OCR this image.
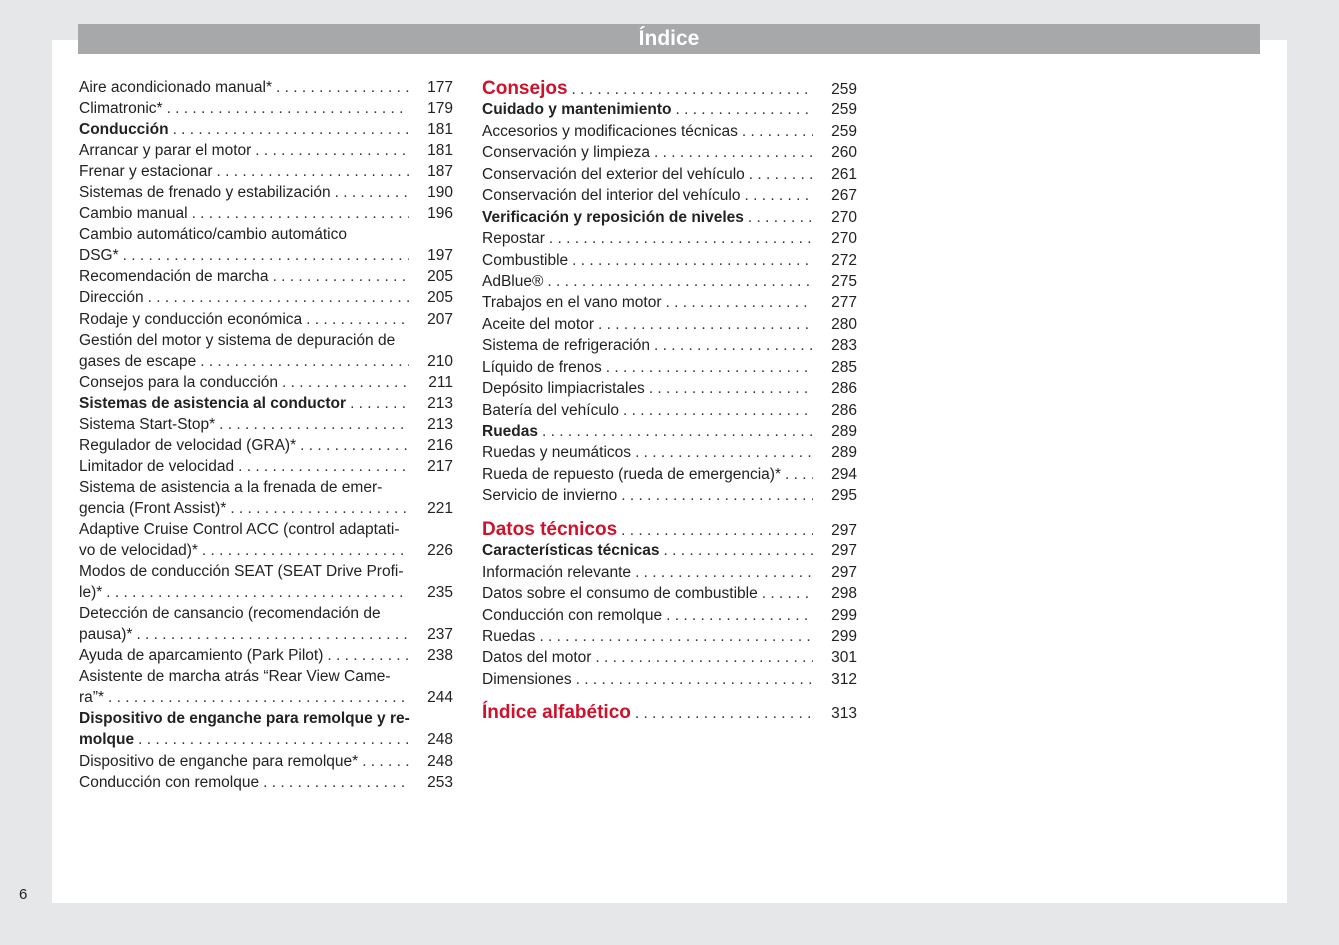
Índice
Aire acondicionado manual* . . .	177
Climatronic* . . .	179
Conducción . . .	181
Arrancar y parar el motor . . .	181
Frenar y estacionar . . .	187
Sistemas de frenado y estabilización . . .	190
Cambio manual . . .	196
Cambio automático/cambio automático
DSG* . . .	197
Recomendación de marcha . . .	205
Dirección . . .	205
Rodaje y conducción económica . . .	207
Gestión del motor y sistema de depuración de
gases de escape . . .	210
Consejos para la conducción . . .	211
Sistemas de asistencia al conductor . . .	213
Sistema Start-Stop* . . .	213
Regulador de velocidad (GRA)* . . .	216
Limitador de velocidad . . .	217
Sistema de asistencia a la frenada de emer-
gencia (Front Assist)* . . .	221
Adaptive Cruise Control ACC (control adaptati-
vo de velocidad)* . . .	226
Modos de conducción SEAT (SEAT Drive Profi-
le)* . . .	235
Detección de cansancio (recomendación de
pausa)* . . .	237
Ayuda de aparcamiento (Park Pilot) . . .	238
Asistente de marcha atrás “Rear View Came-
ra”* . . .	244
Dispositivo de enganche para remolque y re-
molque . . .	248
Dispositivo de enganche para remolque* . . .	248
Conducción con remolque . . .	253
Consejos . . .	259
Cuidado y mantenimiento . . .	259
Accesorios y modificaciones técnicas . . .	259
Conservación y limpieza . . .	260
Conservación del exterior del vehículo . . .	261
Conservación del interior del vehículo . . .	267
Verificación y reposición de niveles . . .	270
Repostar . . .	270
Combustible . . .	272
AdBlue® . . .	275
Trabajos en el vano motor . . .	277
Aceite del motor . . .	280
Sistema de refrigeración . . .	283
Líquido de frenos . . .	285
Depósito limpiacristales . . .	286
Batería del vehículo . . .	286
Ruedas . . .	289
Ruedas y neumáticos . . .	289
Rueda de repuesto (rueda de emergencia)* . . .	294
Servicio de invierno . . .	295
Datos técnicos . . .	297
Características técnicas . . .	297
Información relevante . . .	297
Datos sobre el consumo de combustible . . .	298
Conducción con remolque . . .	299
Ruedas . . .	299
Datos del motor . . .	301
Dimensiones . . .	312
Índice alfabético . . .	313
6
